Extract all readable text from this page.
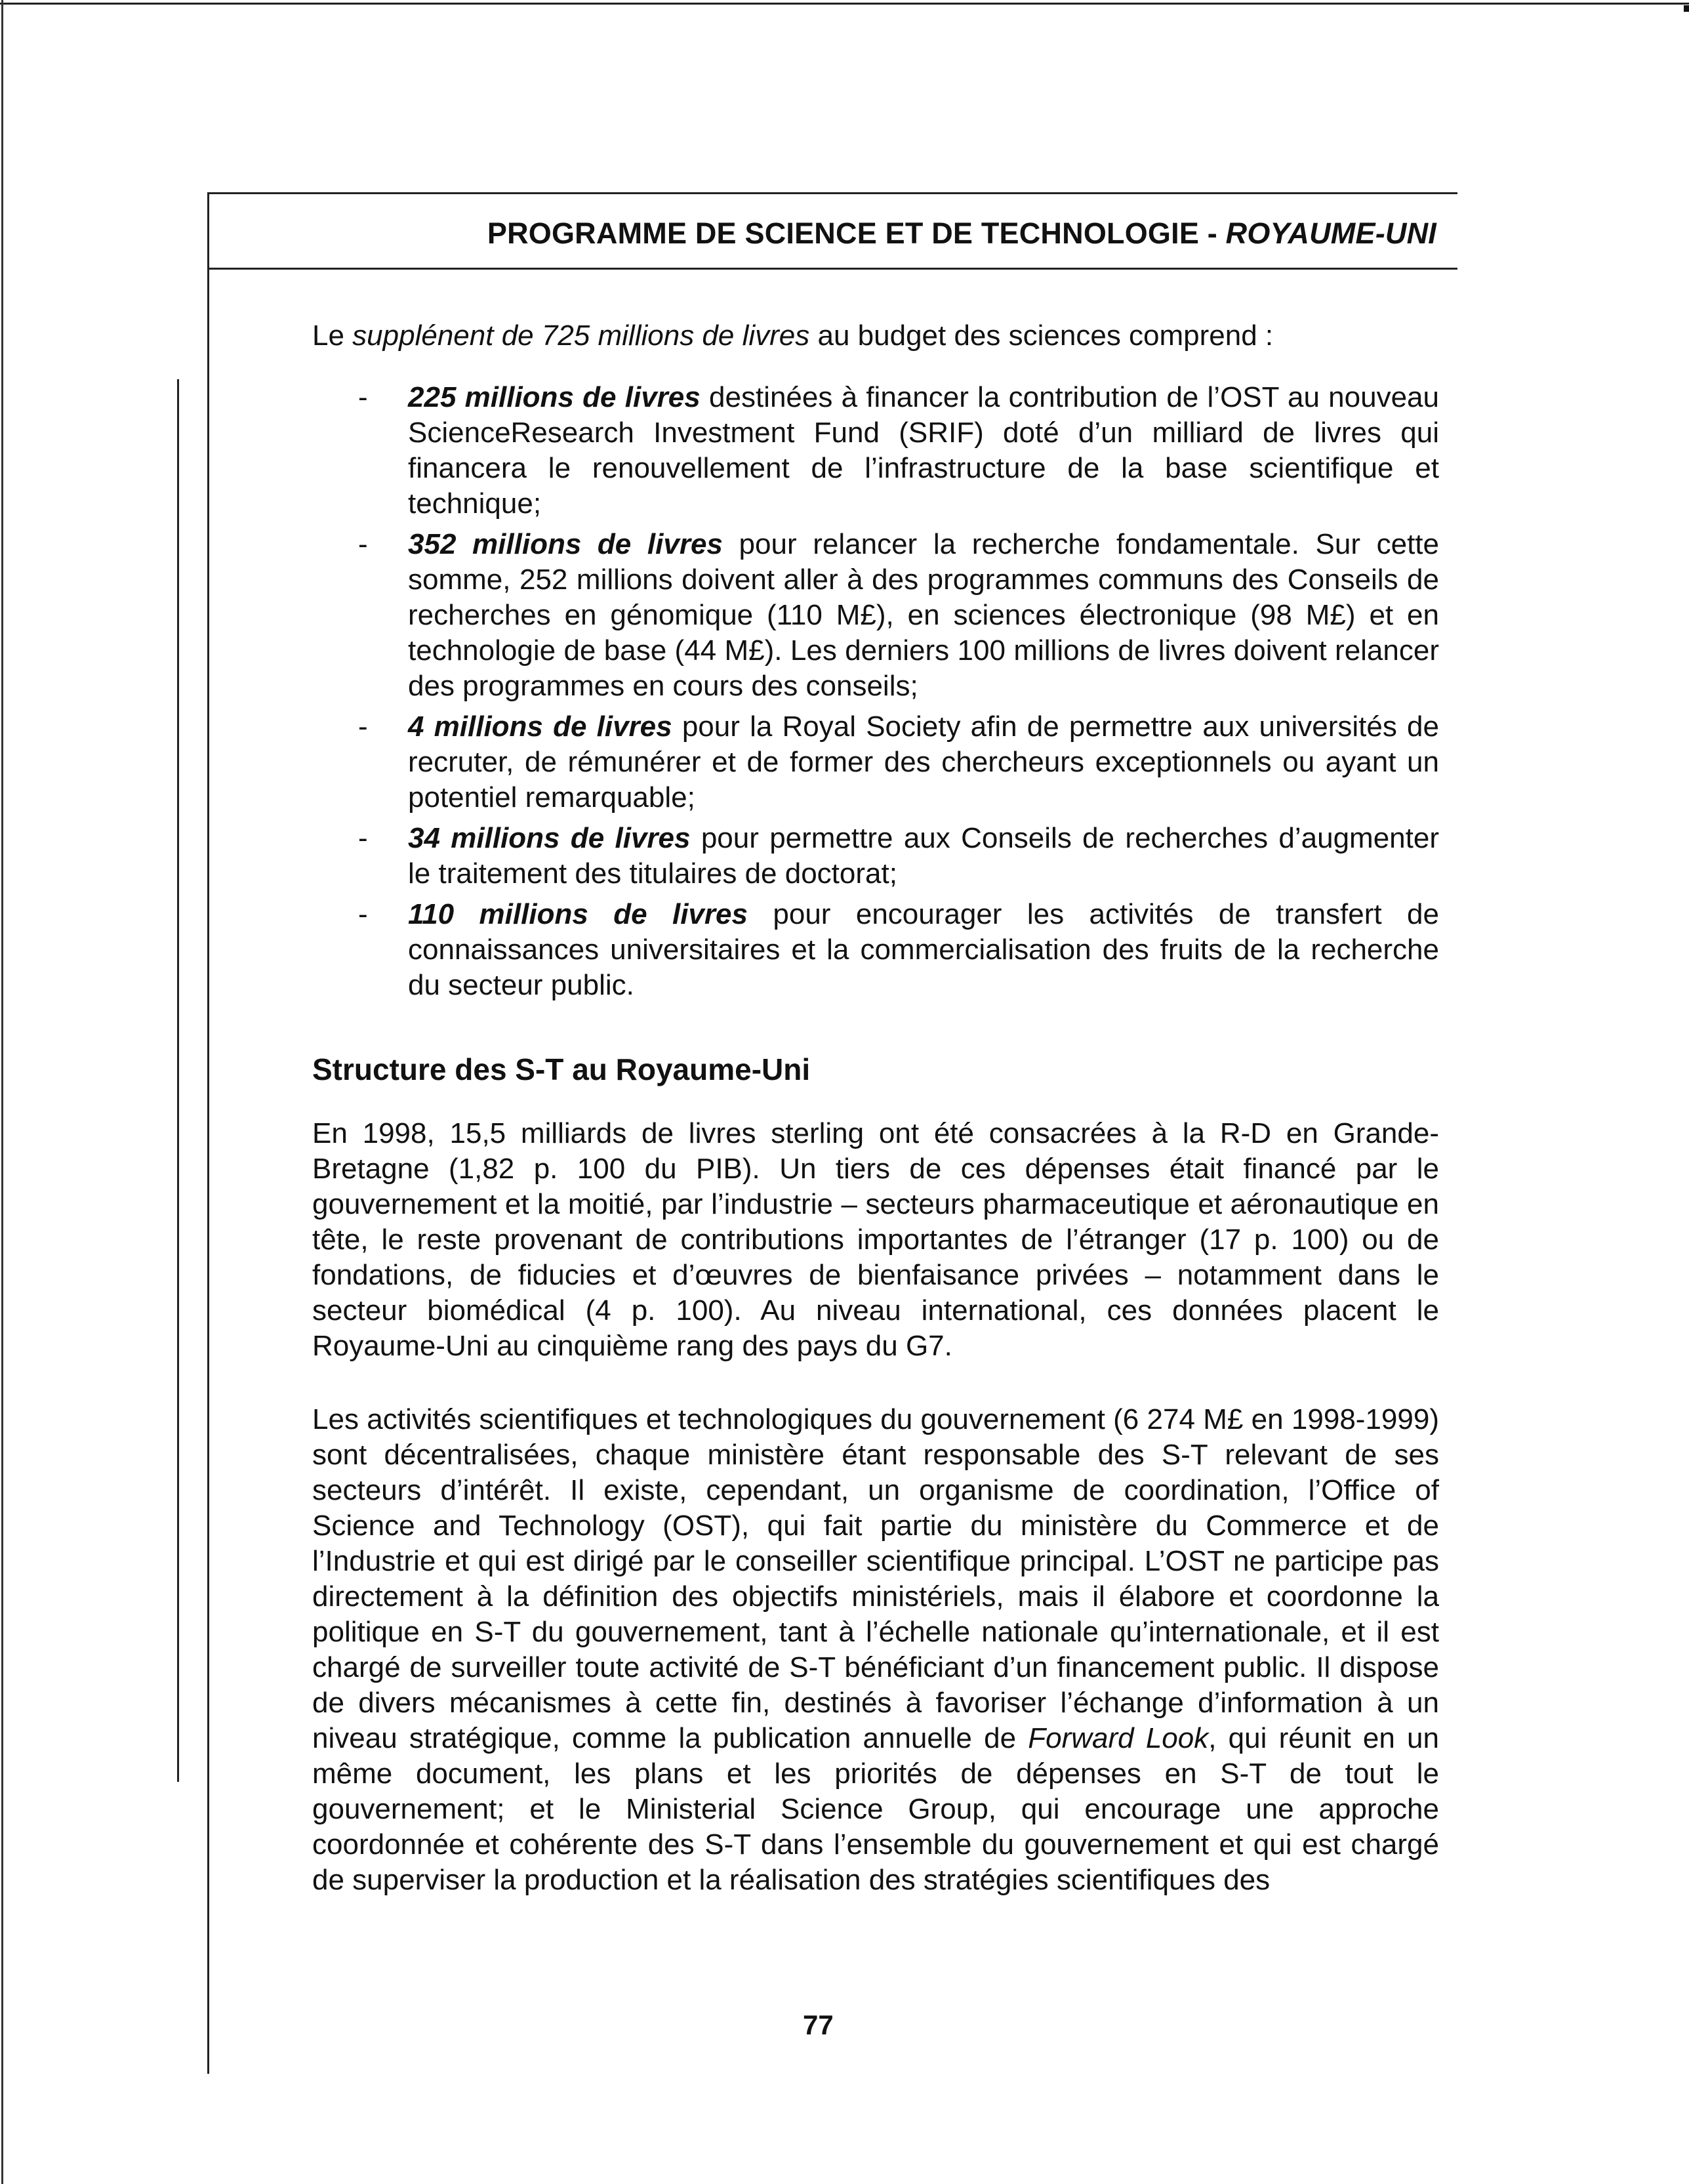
PROGRAMME DE SCIENCE ET DE TECHNOLOGIE - ROYAUME-UNI

Le supplénent de 725 millions de livres au budget des sciences comprend :

- 225 millions de livres destinées à financer la contribution de l’OST au nouveau ScienceResearch Investment Fund (SRIF) doté d’un milliard de livres qui financera le renouvellement de l’infrastructure de la base scientifique et technique;
- 352 millions de livres pour relancer la recherche fondamentale. Sur cette somme, 252 millions doivent aller à des programmes communs des Conseils de recherches en génomique (110 M£), en sciences électronique (98 M£) et en technologie de base (44 M£). Les derniers 100 millions de livres doivent relancer des programmes en cours des conseils;
- 4 millions de livres pour la Royal Society afin de permettre aux universités de recruter, de rémunérer et de former des chercheurs exceptionnels ou ayant un potentiel remarquable;
- 34 millions de livres pour permettre aux Conseils de recherches d’augmenter le traitement des titulaires de doctorat;
- 110 millions de livres pour encourager les activités de transfert de connaissances universitaires et la commercialisation des fruits de la recherche du secteur public.
Structure des S-T au Royaume-Uni

En 1998, 15,5 milliards de livres sterling ont été consacrées à la R-D en Grande-Bretagne (1,82 p. 100 du PIB). Un tiers de ces dépenses était financé par le gouvernement et la moitié, par l’industrie – secteurs pharmaceutique et aéronautique en tête, le reste provenant de contributions importantes de l’étranger (17 p. 100) ou de fondations, de fiducies et d’œuvres de bienfaisance privées – notamment dans le secteur biomédical (4 p. 100). Au niveau international, ces données placent le Royaume-Uni au cinquième rang des pays du G7.

Les activités scientifiques et technologiques du gouvernement (6 274 M£ en 1998-1999) sont décentralisées, chaque ministère étant responsable des S-T relevant de ses secteurs d’intérêt. Il existe, cependant, un organisme de coordination, l’Office of Science and Technology (OST), qui fait partie du ministère du Commerce et de l’Industrie et qui est dirigé par le conseiller scientifique principal. L’OST ne participe pas directement à la définition des objectifs ministériels, mais il élabore et coordonne la politique en S-T du gouvernement, tant à l’échelle nationale qu’internationale, et il est chargé de surveiller toute activité de S-T bénéficiant d’un financement public. Il dispose de divers mécanismes à cette fin, destinés à favoriser l’échange d’information à un niveau stratégique, comme la publication annuelle de Forward Look, qui réunit en un même document, les plans et les priorités de dépenses en S-T de tout le gouvernement; et le Ministerial Science Group, qui encourage une approche coordonnée et cohérente des S-T dans l’ensemble du gouvernement et qui est chargé de superviser la production et la réalisation des stratégies scientifiques des

77
